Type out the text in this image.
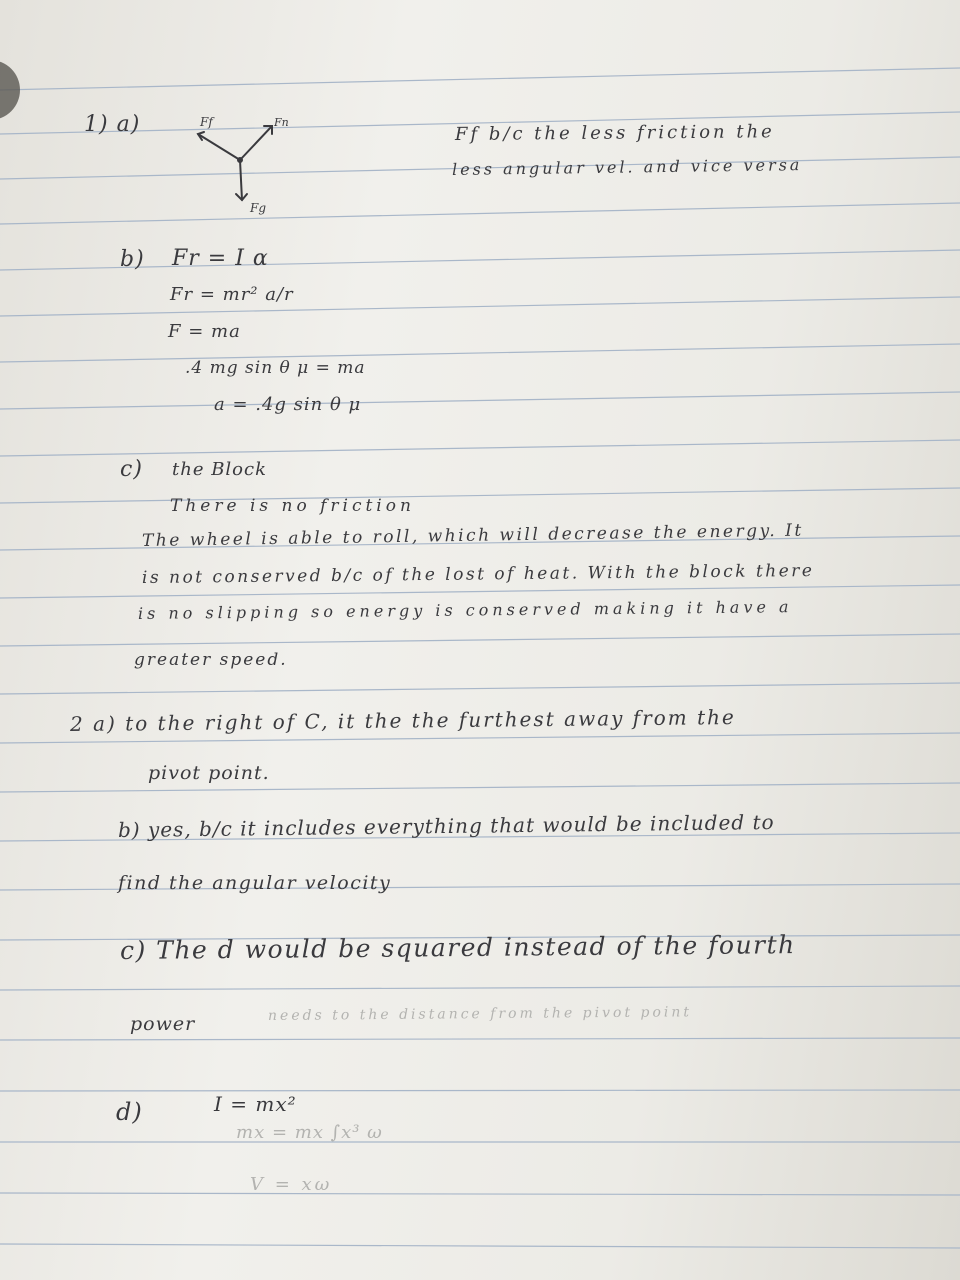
1) a)	Ff	Fn
Fg
Ff b/c the less friction the
less angular vel. and vice versa
b) Fr = I α
Fr = mr² a/r
F = ma
.4 mg sin θ μ = ma
a = .4g sin θ μ
c) the Block
There is no friction
The wheel is able to roll, which will decrease the energy. It
is not conserved b/c of the lost of heat. With the block there
is no slipping so energy is conserved making it have a
greater speed.
2 a) to the right of C, it the the furthest away from the
pivot point.
b) yes, b/c it includes everything that would be included to
find the angular velocity
c) The d would be squared instead of the fourth
power	needs to the distance from the pivot point
d)	I = mx²
mx = mx ∫x³ ω
V = xω
